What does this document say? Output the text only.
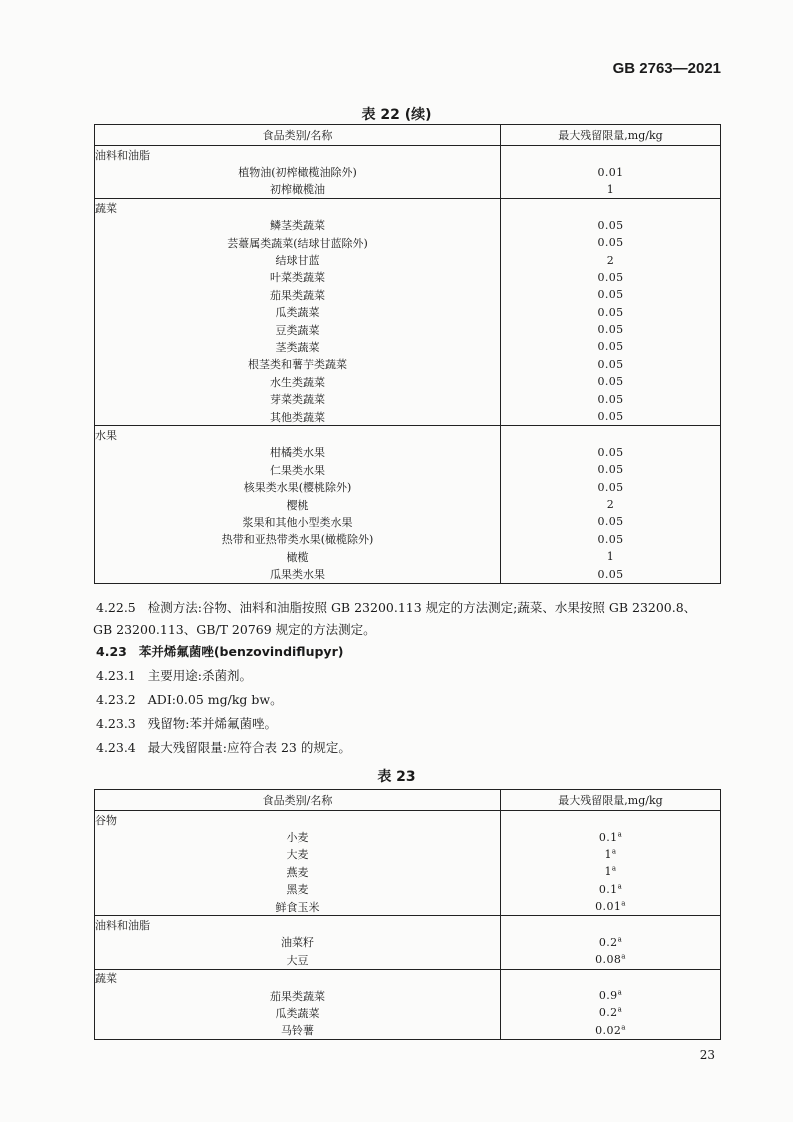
GB 2763—2021
表 22 (续)
食品类别/名称	最大残留限量,mg/kg
油料和油脂	
植物油(初榨橄榄油除外)	0.01
初榨橄榄油	1
蔬菜	
鳞茎类蔬菜	0.05
芸薹属类蔬菜(结球甘蓝除外)	0.05
结球甘蓝	2
叶菜类蔬菜	0.05
茄果类蔬菜	0.05
瓜类蔬菜	0.05
豆类蔬菜	0.05
茎类蔬菜	0.05
根茎类和薯芋类蔬菜	0.05
水生类蔬菜	0.05
芽菜类蔬菜	0.05
其他类蔬菜	0.05
水果	
柑橘类水果	0.05
仁果类水果	0.05
核果类水果(樱桃除外)	0.05
樱桃	2
浆果和其他小型类水果	0.05
热带和亚热带类水果(橄榄除外)	0.05
橄榄	1
瓜果类水果	0.05

4.22.5 检测方法:谷物、油料和油脂按照 GB 23200.113 规定的方法测定;蔬菜、水果按照 GB 23200.8、

GB 23200.113、GB/T 20769 规定的方法测定。

4.23 苯并烯氟菌唑(benzovindiflupyr)

4.23.1 主要用途:杀菌剂。

4.23.2 ADI:0.05 mg/kg bw。

4.23.3 残留物:苯并烯氟菌唑。

4.23.4 最大残留限量:应符合表 23 的规定。

表 23
食品类别/名称	最大残留限量,mg/kg
谷物	
小麦	0.1$^a$
大麦	1$^a$
燕麦	1$^a$
黑麦	0.1$^a$
鲜食玉米	0.01$^a$
油料和油脂	
油菜籽	0.2$^a$
大豆	0.08$^a$
蔬菜	
茄果类蔬菜	0.9$^a$
瓜类蔬菜	0.2$^a$
马铃薯	0.02$^a$
23
